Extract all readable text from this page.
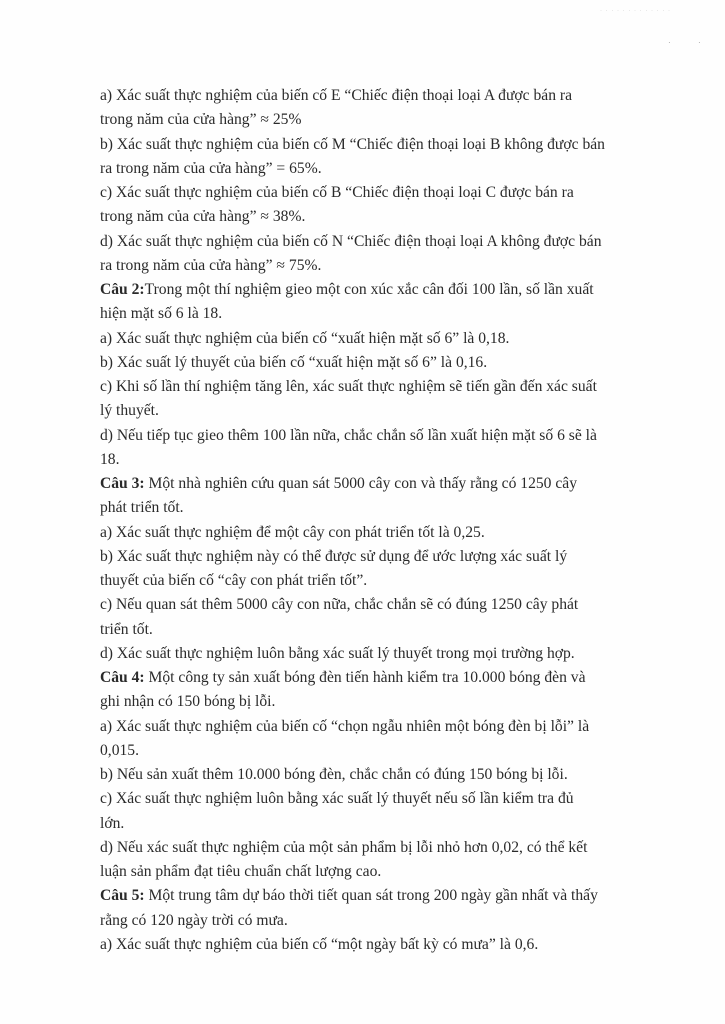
· · · · · · · · · · · · ·
·	·
a) Xác suất thực nghiệm của biến cố E “Chiếc điện thoại loại A được bán ra
trong năm của cửa hàng” ≈ 25%
b) Xác suất thực nghiệm của biến cố M “Chiếc điện thoại loại B không được bán
ra trong năm của cửa hàng” = 65%.
c) Xác suất thực nghiệm của biến cố B “Chiếc điện thoại loại C được bán ra
trong năm của cửa hàng” ≈ 38%.
d) Xác suất thực nghiệm của biến cố N “Chiếc điện thoại loại A không được bán
ra trong năm của cửa hàng” ≈ 75%.
Câu 2:Trong một thí nghiệm gieo một con xúc xắc cân đối 100 lần, số lần xuất
hiện mặt số 6 là 18.
a) Xác suất thực nghiệm của biến cố “xuất hiện mặt số 6” là 0,18.
b) Xác suất lý thuyết của biến cố “xuất hiện mặt số 6” là 0,16.
c) Khi số lần thí nghiệm tăng lên, xác suất thực nghiệm sẽ tiến gần đến xác suất
lý thuyết.
d) Nếu tiếp tục gieo thêm 100 lần nữa, chắc chắn số lần xuất hiện mặt số 6 sẽ là
18.
Câu 3: Một nhà nghiên cứu quan sát 5000 cây con và thấy rằng có 1250 cây
phát triển tốt.
a) Xác suất thực nghiệm để một cây con phát triển tốt là 0,25.
b) Xác suất thực nghiệm này có thể được sử dụng để ước lượng xác suất lý
thuyết của biến cố “cây con phát triển tốt”.
c) Nếu quan sát thêm 5000 cây con nữa, chắc chắn sẽ có đúng 1250 cây phát
triển tốt.
d) Xác suất thực nghiệm luôn bằng xác suất lý thuyết trong mọi trường hợp.
Câu 4: Một công ty sản xuất bóng đèn tiến hành kiểm tra 10.000 bóng đèn và
ghi nhận có 150 bóng bị lỗi.
a) Xác suất thực nghiệm của biến cố “chọn ngẫu nhiên một bóng đèn bị lỗi” là
0,015.
b) Nếu sản xuất thêm 10.000 bóng đèn, chắc chắn có đúng 150 bóng bị lỗi.
c) Xác suất thực nghiệm luôn bằng xác suất lý thuyết nếu số lần kiểm tra đủ
lớn.
d) Nếu xác suất thực nghiệm của một sản phẩm bị lỗi nhỏ hơn 0,02, có thể kết
luận sản phẩm đạt tiêu chuẩn chất lượng cao.
Câu 5: Một trung tâm dự báo thời tiết quan sát trong 200 ngày gần nhất và thấy
rằng có 120 ngày trời có mưa.
a) Xác suất thực nghiệm của biến cố “một ngày bất kỳ có mưa” là 0,6.
